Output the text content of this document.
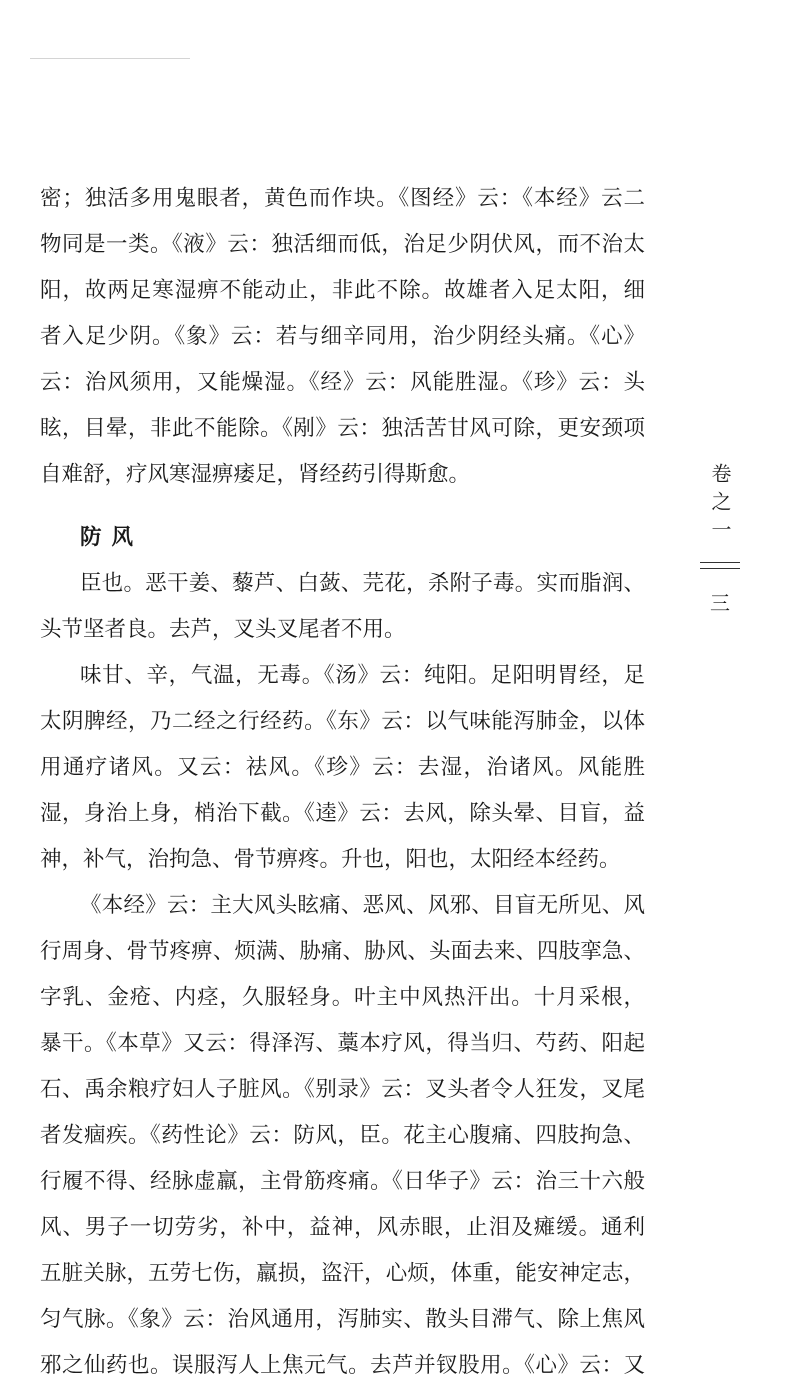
密；独活多用鬼眼者，黄色而作块。《图经》云：《本经》云二
物同是一类。《液》云：独活细而低，治足少阴伏风，而不治太
阳，故两足寒湿痹不能动止，非此不除。故雄者入足太阳，细
者入足少阴。《象》云：若与细辛同用，治少阴经头痛。《心》
云：治风须用，又能燥湿。《经》云：风能胜湿。《珍》云：头
眩，目晕，非此不能除。《剐》云：独活苦甘风可除，更安颈项
自难舒，疗风寒湿痹痿足，肾经药引得斯愈。
防风
臣也。恶干姜、藜芦、白蔹、芫花，杀附子毒。实而脂润、
头节坚者良。去芦，叉头叉尾者不用。
味甘、辛，气温，无毒。《汤》云：纯阳。足阳明胃经，足
太阴脾经，乃二经之行经药。《东》云：以气味能泻肺金，以体
用通疗诸风。又云：祛风。《珍》云：去湿，治诸风。风能胜
湿，身治上身，梢治下截。《逵》云：去风，除头晕、目盲，益
神，补气，治拘急、骨节痹疼。升也，阳也，太阳经本经药。
《本经》云：主大风头眩痛、恶风、风邪、目盲无所见、风
行周身、骨节疼痹、烦满、胁痛、胁风、头面去来、四肢挛急、
字乳、金疮、内痉，久服轻身。叶主中风热汗出。十月采根，
暴干。《本草》又云：得泽泻、藁本疗风，得当归、芍药、阳起
石、禹余粮疗妇人子脏风。《别录》云：叉头者令人狂发，叉尾
者发痼疾。《药性论》云：防风，臣。花主心腹痛、四肢拘急、
行履不得、经脉虚羸，主骨筋疼痛。《日华子》云：治三十六般
风、男子一切劳劣，补中，益神，风赤眼，止泪及瘫缓。通利
五脏关脉，五劳七伤，羸损，盗汗，心烦，体重，能安神定志，
匀气脉。《象》云：治风通用，泻肺实、散头目滞气、除上焦风
邪之仙药也。误服泻人上焦元气。去芦并钗股用。《心》云：又
卷之一
三
